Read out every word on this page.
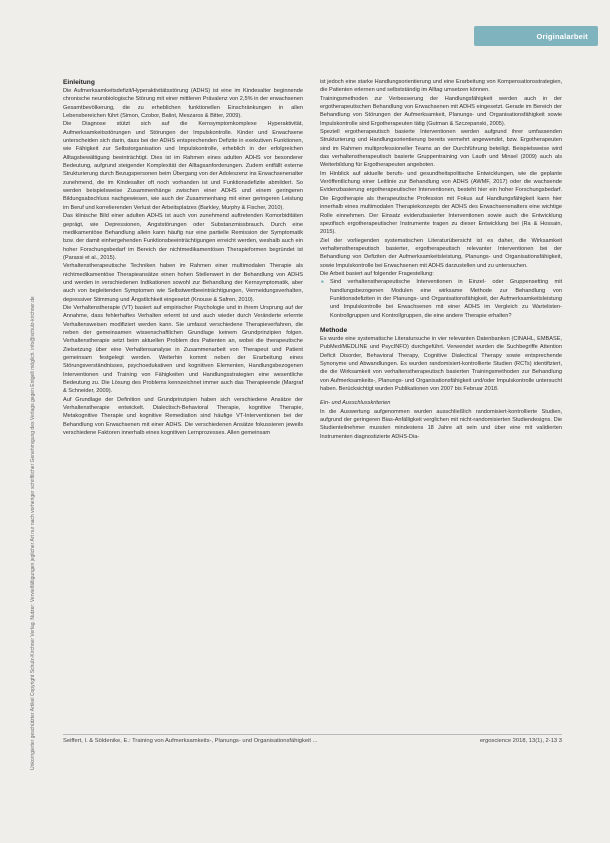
Originalarbeit
Unkorrigierter geschützter Artikel Copyright Schulz-Kirchner Verlag. Nutzer: Vervielfältigungen jeglicher Art nur nach vorheriger schriftlicher Genehmigung des Verlags gegen Entgelt möglich. info@schulz-kirchner.de

Einleitung

Die Aufmerksamkeitsdefizit/Hyperaktivitätsstörung (ADHS) ist eine im Kindesalter beginnende chronische neurobiologische Störung mit einer mittleren Prävalenz von 2,5% in der erwachsenen Gesamtbevölkerung, die zu erheblichen funktionellen Einschränkungen in allen Lebensbereichen führt (Simon, Czobor, Balint, Meszaros & Bitter, 2009).

Die Diagnose stützt sich auf die Kernsymptomkomplexe Hyperaktivität, Aufmerksamkeitsstörungen und Störungen der Impulskontrolle. Kinder und Erwachsene unterscheiden sich darin, dass bei der ADHS entsprechenden Defizite in exekutiven Funktionen, wie Fähigkeit zur Selbstorganisation und Impulskontrolle, erheblich in der erfolgreichen Alltagsbewältigung beeinträchtigt. Dies ist im Rahmen eines adulten ADHS vor besonderer Bedeutung, aufgrund steigender Komplexität der Alltagsanforderungen. Zudem entfällt externe Strukturierung durch Bezugspersonen beim Übergang von der Adoleszenz ins Erwachsenenalter zunehmend, die im Kindesalter oft noch vorhanden ist und Funktionsdefizite abmildert. So werden beispielsweise Zusammenhänge zwischen einer ADHS und einem geringeren Bildungsabschluss nachgewiesen, wie auch der Zusammenhang mit einer geringeren Leistung im Beruf und korrelierenden Verlust der Arbeitsplatzes (Barkley, Murphy & Fischer, 2010).

Das klinische Bild einer adulten ADHS ist auch von zunehmend auftretenden Komorbiditäten geprägt, wie Depressionen, Angststörungen oder Substanzmissbrauch. Durch eine medikamentöse Behandlung allein kann häufig nur eine partielle Remission der Symptomatik bzw. der damit einhergehenden Funktionsbeeinträchtigungen erreicht werden, weshalb auch ein hoher Forschungsbedarf im Bereich der nichtmedikamentösen Therapieformen begründet ist (Parassi et al., 2015).

Verhaltenstherapeutische Techniken haben im Rahmen einer multimodalen Therapie als nichtmedikamentöse Therapieansätze einen hohen Stellenwert in der Behandlung von ADHS und werden in verschiedenen Indikationen sowohl zur Behandlung der Kernsymptomatik, aber auch von begleitenden Symptomen wie Selbstwertbeeinträchtigungen, Vermeidungsverhalten, depressiver Stimmung und Ängstlichkeit eingesetzt (Knouse & Safren, 2010).

Die Verhaltenstherapie (VT) basiert auf empirischer Psychologie und in ihrem Ursprung auf der Annahme, dass fehlerhaftes Verhalten erlernt ist und auch wieder durch Veränderte erlernte Verhaltensweisen modifiziert werden kann. Sie umfasst verschiedene Therapieverfahren, die neben der gemeinsamen wissenschaftlichen Grundlage keinem Grundprinzipien folgen. Verhaltenstherapie setzt beim aktuellen Problem des Patienten an, wobei die therapeutische Zielsetzung über eine Verhaltensanalyse in Zusammenarbeit von Therapeut und Patient gemeinsam festgelegt werden. Weiterhin kommt neben der Erarbeitung eines Störungsverständnisses, psychoedukativen und kognitiven Elementen, Handlungsbezogenen Interventionen und Training von Fähigkeiten und Handlungsstrategien eine wesentliche Bedeutung zu. Die Lösung des Problems kennzeichnet immer auch das Therapieende (Margraf & Schneider, 2009).

Auf Grundlage der Definition und Grundprinzipien haben sich verschiedene Ansätze der Verhaltenstherapie entwickelt. Dialectisch-Behavioral Therapie, kognitive Therapie, Metakognitive Therapie und kognitive Remediation sind häufige VT-Interventionen bei der Behandlung von Erwachsenen mit einer ADHS. Die verschiedenen Ansätze fokussieren jeweils verschiedene Faktoren innerhalb eines kognitiven Lernprozesses. Allen gemeinsam

ist jedoch eine starke Handlungsorientierung und eine Erarbeitung von Kompensationsstrategien, die Patienten erlernen und selbstständig im Alltag umsetzen können.

Trainingsmethoden zur Verbesserung der Handlungsfähigkeit werden auch in der ergotherapeutischen Behandlung von Erwachsenen mit ADHS eingesetzt. Gerade im Bereich der Behandlung von Störungen der Aufmerksamkeit, Planungs- und Organisationsfähigkeit sowie Impulskontrolle sind Ergotherapeuten tätig (Gutman & Szczepanski, 2005).

Speziell ergotherapeutisch basierte Interventionen werden aufgrund ihrer umfassenden Strukturierung und Handlungsorientierung bereits vermehrt angewendet, bzw. Ergotherapeuten sind im Rahmen multiprofessioneller Teams an der Durchführung beteiligt. Beispielsweise wird das verhaltenstherapeutisch basierte Gruppentraining von Lauth und Minsel (2009) auch als Weiterbildung für Ergotherapeuten angeboten.

Im Hinblick auf aktuelle berufs- und gesundheitspolitische Entwicklungen, wie die geplante Veröffentlichung einer Leitlinie zur Behandlung von ADHS (AWMF, 2017) oder die wachsende Evidenzbasierung ergotherapeutischer Interventionen, besteht hier ein hoher Forschungsbedarf. Die Ergotherapie als therapeutische Profession mit Fokus auf Handlungsfähigkeit kann hier innerhalb eines multimodalen Therapiekonzepts der ADHS des Erwachsenenalters eine wichtige Rolle einnehmen. Der Einsatz evidenzbasierter Interventionen sowie auch die Entwicklung spezifisch ergotherapeutischer Instrumente tragen zu dieser Entwicklung bei (Ra & Hossain, 2015).

Ziel der vorliegenden systematischen Literaturübersicht ist es daher, die Wirksamkeit verhaltenstherapeutisch basierter, ergotherapeutisch relevanter Interventionen bei der Behandlung von Defiziten der Aufmerksamkeitsleistung, Planungs- und Organisationsfähigkeit, sowie Impulskontrolle bei Erwachsenen mit ADHS darzustellen und zu untersuchen.

Die Arbeit basiert auf folgender Fragestellung:

■ Sind verhaltenstherapeutische Interventionen in Einzel- oder Gruppensetting mit handlungsbezogenen Modulen eine wirksame Methode zur Behandlung von Funktionsdefiziten in der Planungs- und Organisationsfähigkeit, der Aufmerksamkeitsleistung und Impulskontrolle bei Erwachsenen mit einer ADHS im Vergleich zu Wartelisten-Kontrollgruppen und Kontrollgruppen, die eine andere Therapie erhalten?

Methode

Es wurde eine systematische Literatursuche in vier relevanten Datenbanken (CINAHL, EMBASE, PubMed/MEDLINE und PsycINFO) durchgeführt. Verwendet wurden die Suchbegriffe Attention Deficit Disorder, Behavioral Therapy, Cognitive Dialectical Therapy sowie entsprechende Synonyme und Abwandlungen. Es wurden randomisiert-kontrollierte Studien (RCTs) identifiziert, die die Wirksamkeit von verhaltenstherapeutisch basierten Trainingsmethoden zur Behandlung von Aufmerksamkeits-, Planungs- und Organisationsfähigkeit und/oder Impulskontrolle untersucht haben. Berücksichtigt wurden Publikationen von 2007 bis Februar 2018.

Ein- und Ausschlusskriterien

In die Auswertung aufgenommen wurden ausschließlich randomisiert-kontrollierte Studien, aufgrund der geringeren Bias-Anfälligkeit verglichen mit nicht-randomisierten Studiendesigns. Die Studienteilnehmer mussten mindestens 18 Jahre alt sein und über eine mit validierten Instrumenten diagnostizierte ADHS-Dia-

Seiffert, I. & Söldenike, E.: Training von Aufmerksamkeits-, Planungs- und Organisationsfähigkeit ...	ergoscience 2018, 13(1), 2-13 3
